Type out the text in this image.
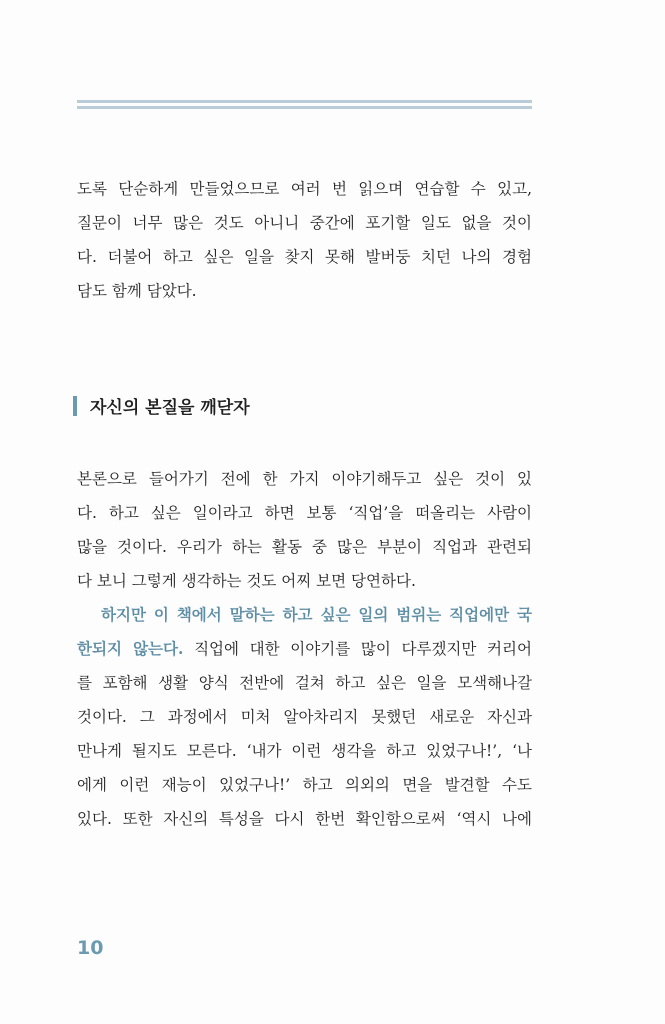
도록 단순하게 만들었으므로 여러 번 읽으며 연습할 수 있고,
질문이 너무 많은 것도 아니니 중간에 포기할 일도 없을 것이
다. 더불어 하고 싶은 일을 찾지 못해 발버둥 치던 나의 경험
담도 함께 담았다.
자신의 본질을 깨닫자
본론으로 들어가기 전에 한 가지 이야기해두고 싶은 것이 있
다. 하고 싶은 일이라고 하면 보통 ‘직업’을 떠올리는 사람이
많을 것이다. 우리가 하는 활동 중 많은 부분이 직업과 관련되
다 보니 그렇게 생각하는 것도 어찌 보면 당연하다.
하지만 이 책에서 말하는 하고 싶은 일의 범위는 직업에만 국
한되지 않는다. 직업에 대한 이야기를 많이 다루겠지만 커리어
를 포함해 생활 양식 전반에 걸쳐 하고 싶은 일을 모색해나갈
것이다. 그 과정에서 미처 알아차리지 못했던 새로운 자신과
만나게 될지도 모른다. ‘내가 이런 생각을 하고 있었구나!’, ‘나
에게 이런 재능이 있었구나!’ 하고 의외의 면을 발견할 수도
있다. 또한 자신의 특성을 다시 한번 확인함으로써 ‘역시 나에
10
